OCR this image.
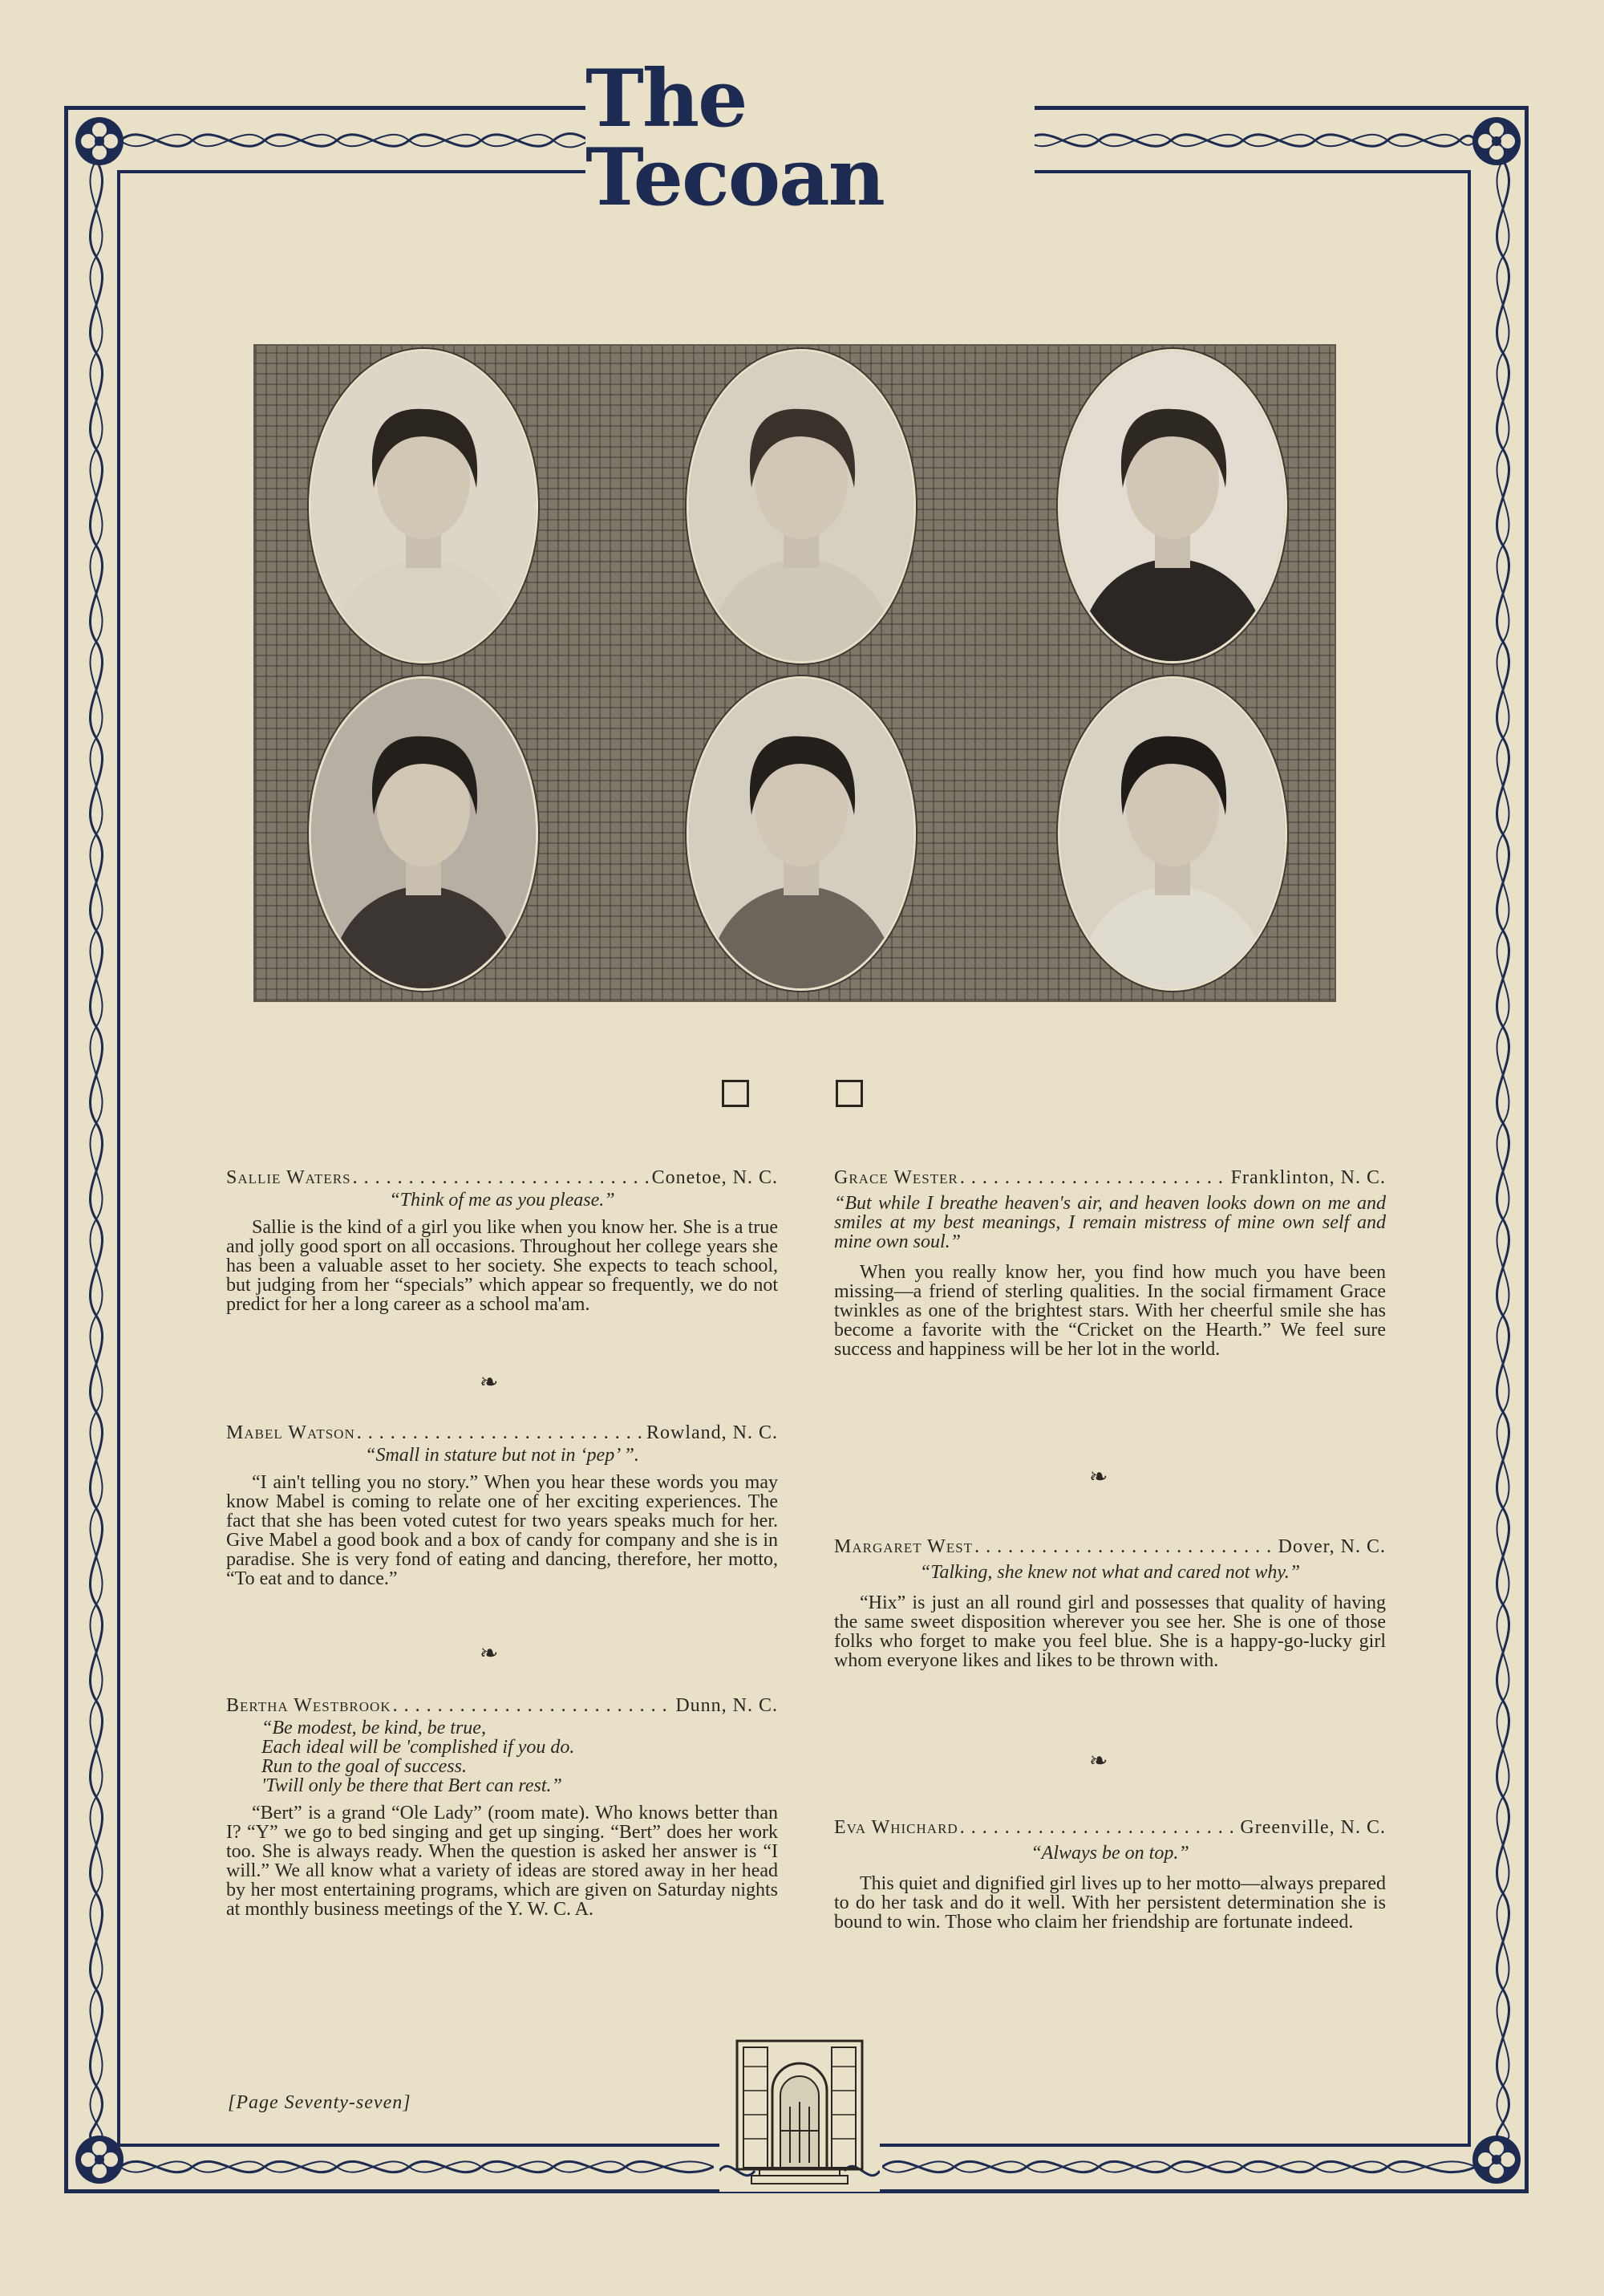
The Tecoan
Sallie Waters . . .	Conetoe, N. C.
“Think of me as you please.”
Sallie is the kind of a girl you like when you know her. She is a true and jolly good sport on all occasions. Throughout her college years she has been a valuable asset to her society. She expects to teach school, but judging from her “specials” which appear so frequently, we do not predict for her a long career as a school ma'am.
❧
Mabel Watson . . .	Rowland, N. C.
“Small in stature but not in ‘pep’ ”.
“I ain't telling you no story.” When you hear these words you may know Mabel is coming to relate one of her exciting experiences. The fact that she has been voted cutest for two years speaks much for her. Give Mabel a good book and a box of candy for company and she is in paradise. She is very fond of eating and dancing, therefore, her motto, “To eat and to dance.”
❧
Bertha Westbrook . . .	Dunn, N. C.
“Be modest, be kind, be true,
Each ideal will be 'complished if you do.
Run to the goal of success.
'Twill only be there that Bert can rest.”
“Bert” is a grand “Ole Lady” (room mate). Who knows better than I? “Y” we go to bed singing and get up singing. “Bert” does her work too. She is always ready. When the question is asked her answer is “I will.” We all know what a variety of ideas are stored away in her head by her most entertaining programs, which are given on Saturday nights at monthly business meetings of the Y. W. C. A.
Grace Wester . . .	Franklinton, N. C.
“But while I breathe heaven's air, and heaven looks down on me and smiles at my best meanings, I remain mistress of mine own self and mine own soul.”
When you really know her, you find how much you have been missing—a friend of sterling qualities. In the social firmament Grace twinkles as one of the brightest stars. With her cheerful smile she has become a favorite with the “Cricket on the Hearth.” We feel sure success and happiness will be her lot in the world.
❧
Margaret West . . .	Dover, N. C.
“Talking, she knew not what and cared not why.”
“Hix” is just an all round girl and possesses that quality of having the same sweet disposition wherever you see her. She is one of those folks who forget to make you feel blue. She is a happy-go-lucky girl whom everyone likes and likes to be thrown with.
❧
Eva Whichard . . .	Greenville, N. C.
“Always be on top.”
This quiet and dignified girl lives up to her motto—always prepared to do her task and do it well. With her persistent determination she is bound to win. Those who claim her friendship are fortunate indeed.
[Page Seventy-seven]
